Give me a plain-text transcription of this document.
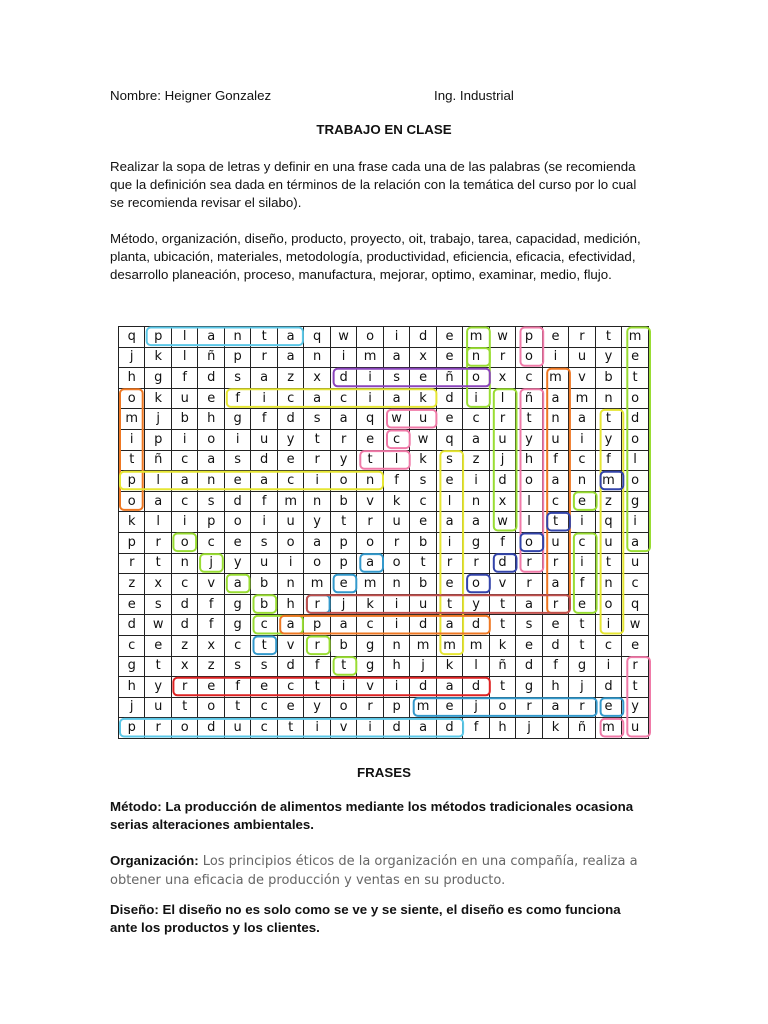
Nombre: Heigner Gonzalez	Ing. Industrial
TRABAJO EN CLASE
Realizar la sopa de letras y definir en una frase cada una de las palabras (se recomienda que la definición sea dada en términos de la relación con la temática del curso por lo cual se recomienda revisar el silabo).
Método, organización, diseño, producto, proyecto, oit, trabajo, tarea, capacidad, medición, planta, ubicación, materiales, metodología, productividad, eficiencia, eficacia, efectividad, desarrollo planeación, proceso, manufactura, mejorar, optimo, examinar, medio, flujo.
q	p	l	a	n	t	a	q	w	o	i	d	e	m	w	p	e	r	t	m
j	k	l	ñ	p	r	a	n	i	m	a	x	e	n	r	o	i	u	y	e
h	g	f	d	s	a	z	x	d	i	s	e	ñ	o	x	c	m	v	b	t
o	k	u	e	f	i	c	a	c	i	a	k	d	i	l	ñ	a	m	n	o
m	j	b	h	g	f	d	s	a	q	w	u	e	c	r	t	n	a	t	d
i	p	i	o	i	u	y	t	r	e	c	w	q	a	u	y	u	i	y	o
t	ñ	c	a	s	d	e	r	y	t	l	k	s	z	j	h	f	c	f	l
p	l	a	n	e	a	c	i	o	n	f	s	e	i	d	o	a	n	m	o
o	a	c	s	d	f	m	n	b	v	k	c	l	n	x	l	c	e	z	g
k	l	i	p	o	i	u	y	t	r	u	e	a	a	w	l	t	i	q	i
p	r	o	c	e	s	o	a	p	o	r	b	i	g	f	o	u	c	u	a
r	t	n	j	y	u	i	o	p	a	o	t	r	r	d	r	r	i	t	u
z	x	c	v	a	b	n	m	e	m	n	b	e	o	v	r	a	f	n	c
e	s	d	f	g	b	h	r	j	k	i	u	t	y	t	a	r	e	o	q
d	w	d	f	g	c	a	p	a	c	i	d	a	d	t	s	e	t	i	w
c	e	z	x	c	t	v	r	b	g	n	m	m	m	k	e	d	t	c	e
g	t	x	z	s	s	d	f	t	g	h	j	k	l	ñ	d	f	g	i	r
h	y	r	e	f	e	c	t	i	v	i	d	a	d	t	g	h	j	d	t
j	u	t	o	t	c	e	y	o	r	p	m	e	j	o	r	a	r	e	y
p	r	o	d	u	c	t	i	v	i	d	a	d	f	h	j	k	ñ	m	u
FRASES
Método: La producción de alimentos mediante los métodos tradicionales ocasiona serias alteraciones ambientales.
Organización: Los principios éticos de la organización en una compañía, realiza a obtener una eficacia de producción y ventas en su producto.
Diseño: El diseño no es solo como se ve y se siente, el diseño es como funciona ante los productos y los clientes.
